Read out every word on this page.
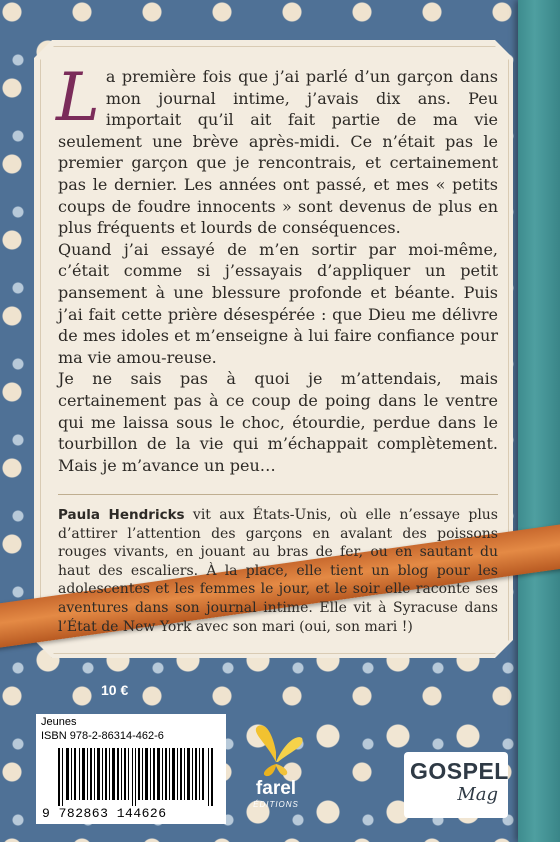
La première fois que j’ai parlé d’un garçon dans mon journal intime, j’avais dix ans. Peu importait qu’il ait fait partie de ma vie seulement une brève après-midi. Ce n’était pas le premier garçon que je rencontrais, et certainement pas le dernier. Les années ont passé, et mes « petits coups de foudre innocents » sont devenus de plus en plus fréquents et lourds de conséquences.

Quand j’ai essayé de m’en sortir par moi-même, c’était comme si j’essayais d’appliquer un petit pansement à une blessure profonde et béante. Puis j’ai fait cette prière désespérée : que Dieu me délivre de mes idoles et m’enseigne à lui faire confiance pour ma vie amou-reuse.

Je ne sais pas à quoi je m’attendais, mais certainement pas à ce coup de poing dans le ventre qui me laissa sous le choc, étourdie, perdue dans le tourbillon de la vie qui m’échappait complètement. Mais je m’avance un peu…

Paula Hendricks vit aux États-Unis, où elle n’essaye plus d’attirer l’attention des garçons en avalant des poissons rouges vivants, en jouant au bras de fer, ou en sautant du haut des escaliers. À la place, elle tient un blog pour les adolescentes et les femmes le jour, et le soir elle raconte ses aventures dans son journal intime. Elle vit à Syracuse dans l’État de New York avec son mari (oui, son mari !)
10 €
Jeunes
ISBN 978-2-86314-462-6
9 782863 144626
farel
ÉDITIONS
GOSPEL
Mag
